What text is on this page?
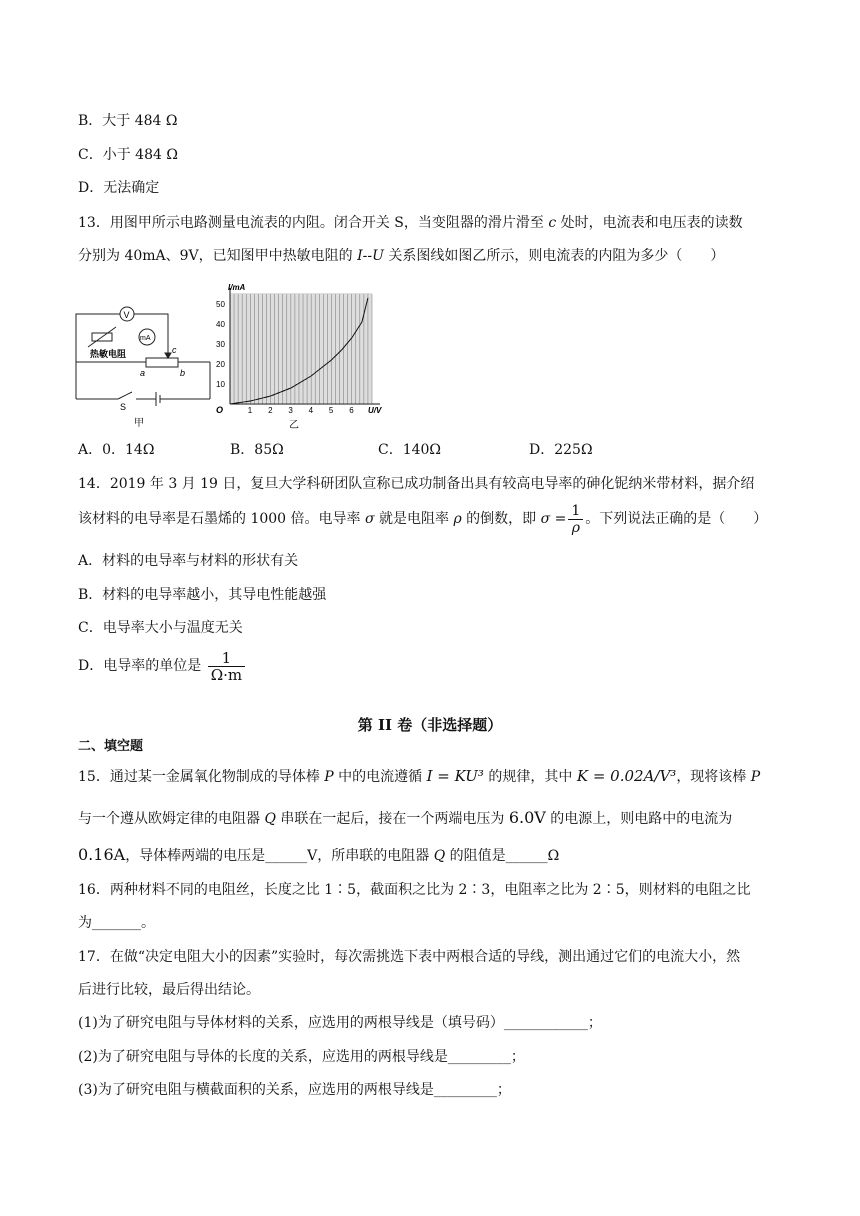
B．大于 484 Ω
C．小于 484 Ω
D．无法确定
13．用图甲所示电路测量电流表的内阻。闭合开关 S，当变阻器的滑片滑至 c 处时，电流表和电压表的读数
分别为 40mA、9V，已知图甲中热敏电阻的 I--U 关系图线如图乙所示，则电流表的内阻为多少（　　）
V
mA
热敏电阻	c
a	b
S
甲
1 2 3 4 5 6
10
20
30
40
50
I/mA
U/V
O
乙
A．0．14Ω	B．85Ω	C．140Ω	D．225Ω
14．2019 年 3 月 19 日，复旦大学科研团队宣称已成功制备出具有较高电导率的砷化铌纳米带材料，据介绍
该材料的电导率是石墨烯的 1000 倍。电导率 σ 就是电阻率 ρ 的倒数，即 $\sigma = \frac{1}{\rho}$ 。下列说法正确的是（　　）
A．材料的电导率与材料的形状有关
B．材料的电导率越小，其导电性能越强
C．电导率大小与温度无关
D．电导率的单位是 $\frac{1}{\Omega\cdot m}$
第 II 卷（非选择题）
二、填空题
15．通过某一金属氧化物制成的导体棒 P 中的电流遵循 I = KU³ 的规律，其中 K = 0.02A/V³，现将该棒 P
与一个遵从欧姆定律的电阻器 Q 串联在一起后，接在一个两端电压为 6.0V 的电源上，则电路中的电流为
0.16A，导体棒两端的电压是______V，所串联的电阻器 Q 的阻值是______Ω
16．两种材料不同的电阻丝，长度之比 1∶5，截面积之比为 2∶3，电阻率之比为 2∶5，则材料的电阻之比
为_______。
17．在做“决定电阻大小的因素”实验时，每次需挑选下表中两根合适的导线，测出通过它们的电流大小，然
后进行比较，最后得出结论。
(1)为了研究电阻与导体材料的关系，应选用的两根导线是（填号码）____________；
(2)为了研究电阻与导体的长度的关系，应选用的两根导线是_________；
(3)为了研究电阻与横截面积的关系，应选用的两根导线是_________；
